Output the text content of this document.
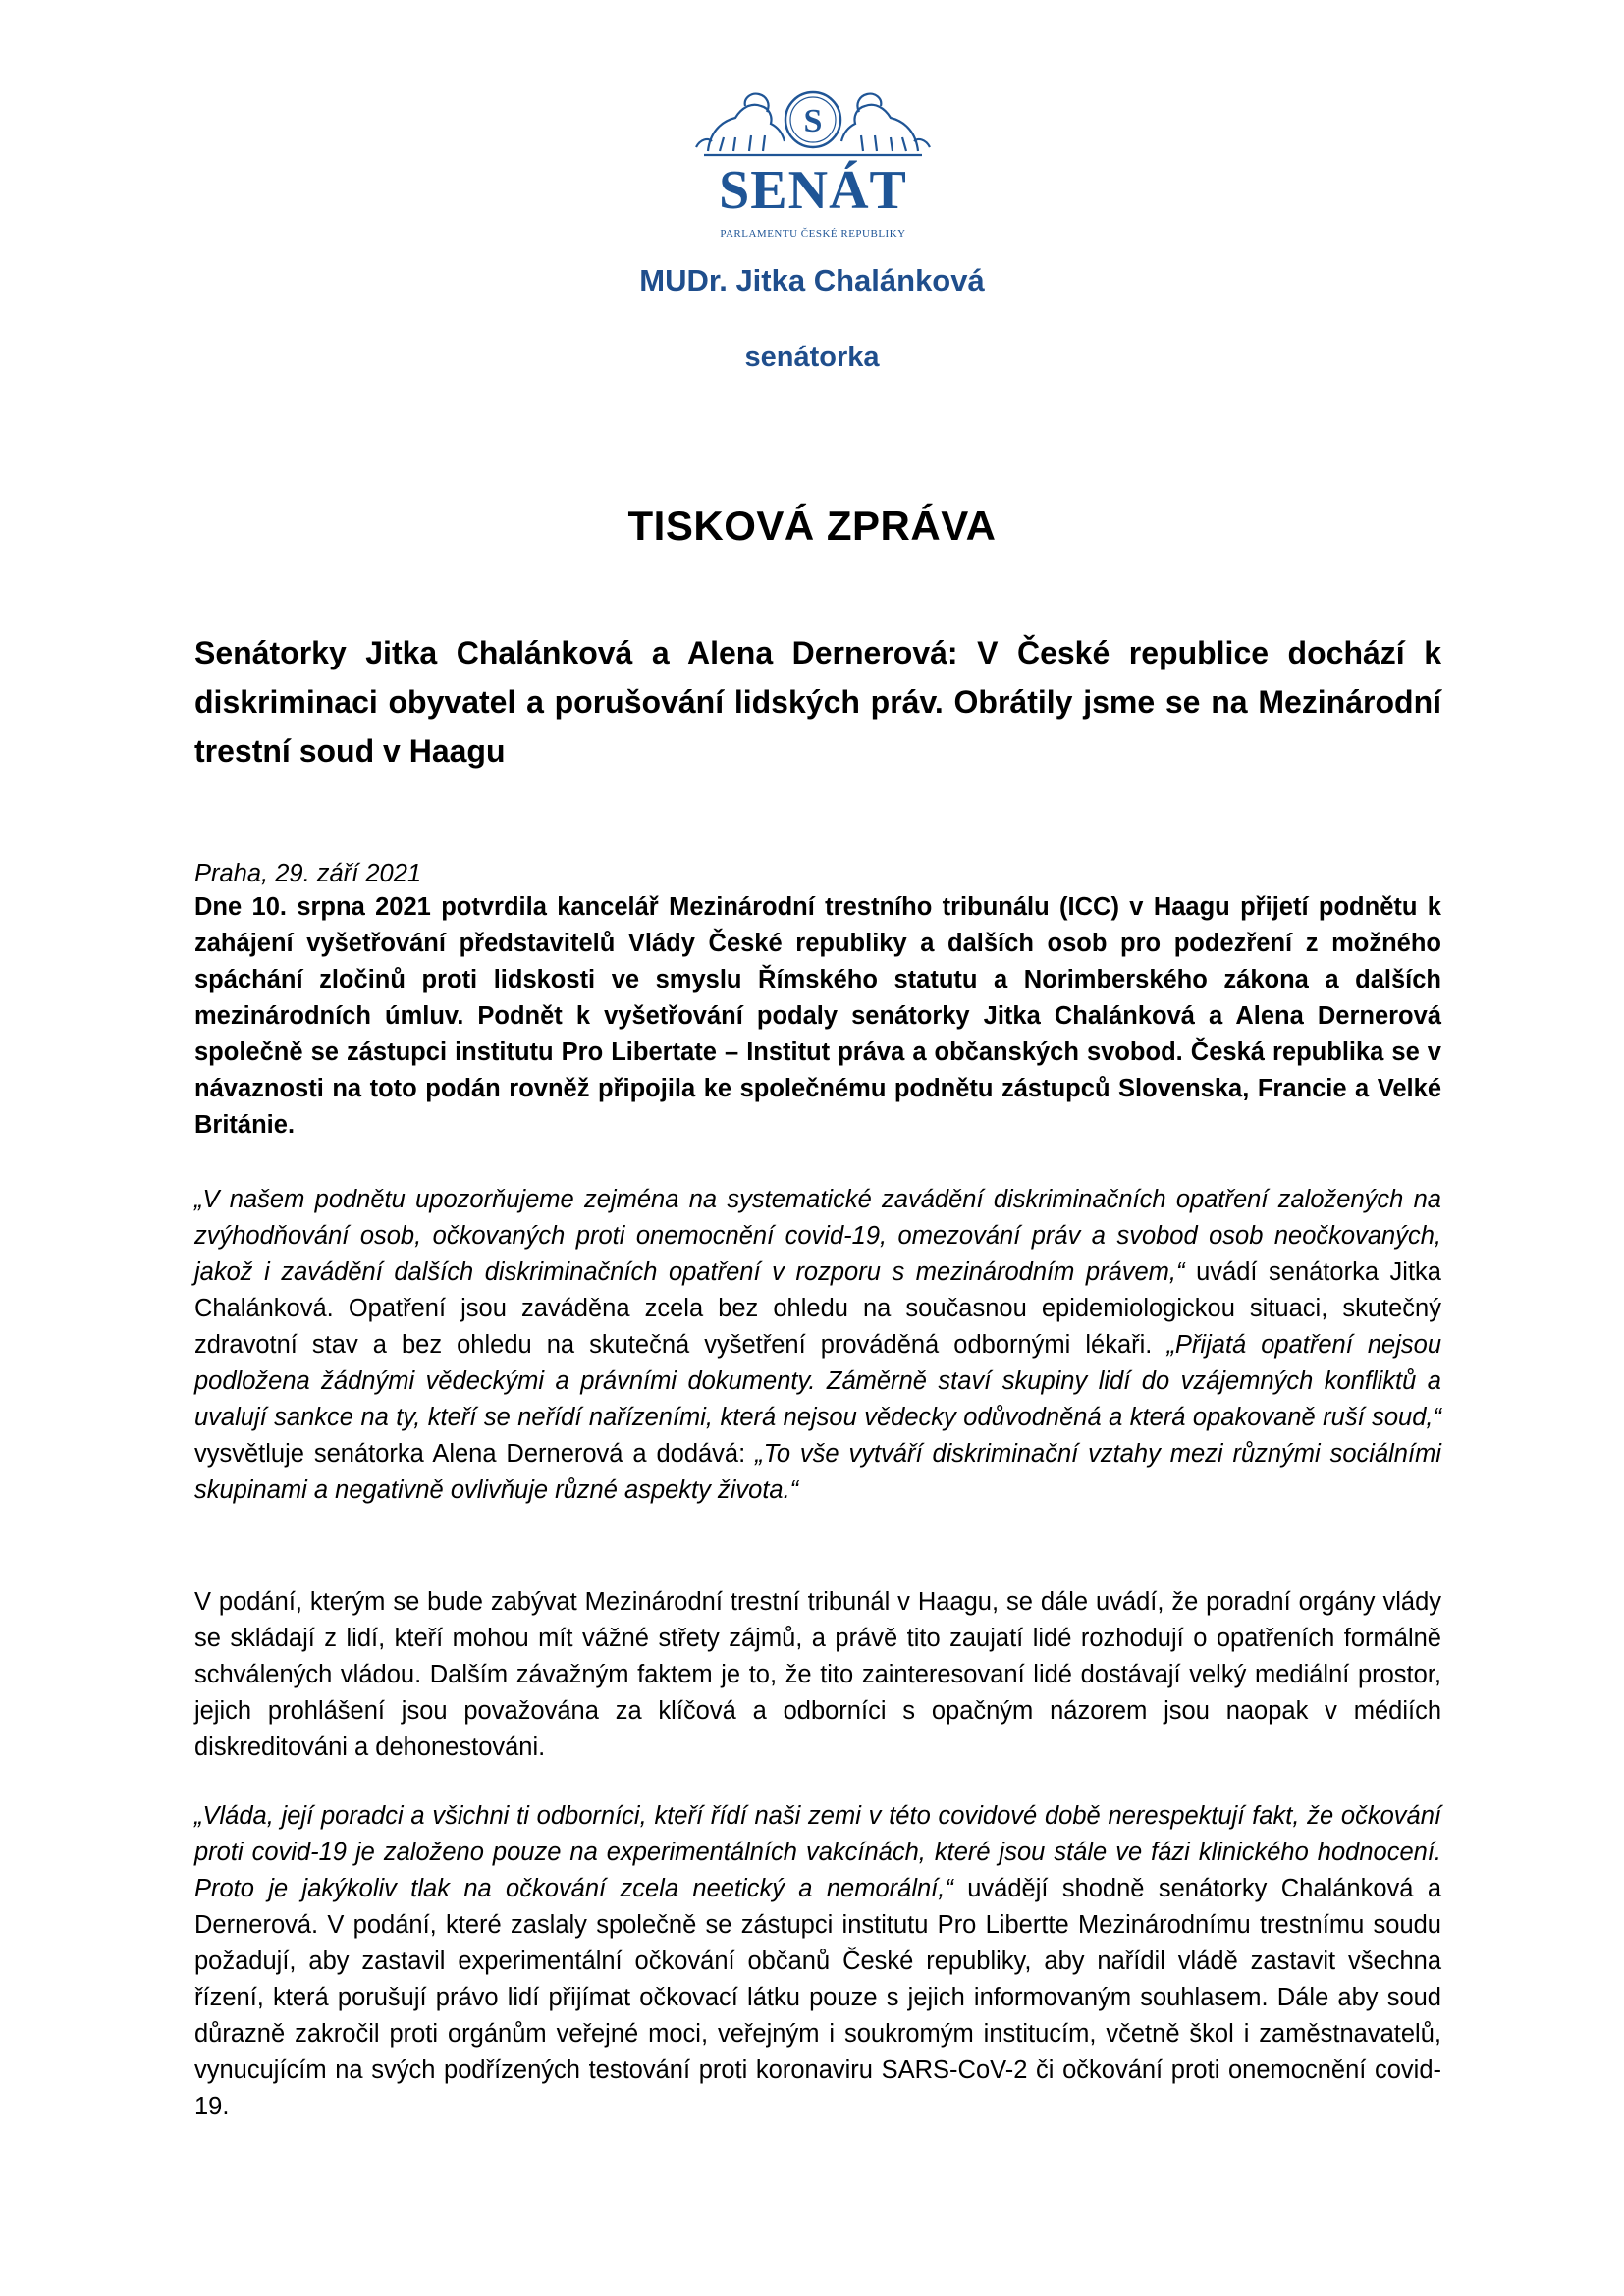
S
SENÁT
PARLAMENTU ČESKÉ REPUBLIKY
MUDr. Jitka Chalánková
senátorka
TISKOVÁ ZPRÁVA
Senátorky Jitka Chalánková a Alena Dernerová: V České republice dochází k diskriminaci obyvatel a porušování lidských práv. Obrátily jsme se na Mezinárodní trestní soud v Haagu
Praha, 29. září 2021
Dne 10. srpna 2021 potvrdila kancelář Mezinárodní trestního tribunálu (ICC) v Haagu přijetí podnětu k zahájení vyšetřování představitelů Vlády České republiky a dalších osob pro podezření z možného spáchání zločinů proti lidskosti ve smyslu Římského statutu a Norimberského zákona a dalších mezinárodních úmluv. Podnět k vyšetřování podaly senátorky Jitka Chalánková a Alena Dernerová společně se zástupci institutu Pro Libertate – Institut práva a občanských svobod. Česká republika se v návaznosti na toto podán rovněž připojila ke společnému podnětu zástupců Slovenska, Francie a Velké Británie.
„V našem podnětu upozorňujeme zejména na systematické zavádění diskriminačních opatření založených na zvýhodňování osob, očkovaných proti onemocnění covid-19, omezování práv a svobod osob neočkovaných, jakož i zavádění dalších diskriminačních opatření v rozporu s mezinárodním právem,“ uvádí senátorka Jitka Chalánková. Opatření jsou zaváděna zcela bez ohledu na současnou epidemiologickou situaci, skutečný zdravotní stav a bez ohledu na skutečná vyšetření prováděná odbornými lékaři. „Přijatá opatření nejsou podložena žádnými vědeckými a právními dokumenty. Záměrně staví skupiny lidí do vzájemných konfliktů a uvalují sankce na ty, kteří se neřídí nařízeními, která nejsou vědecky odůvodněná a která opakovaně ruší soud,“ vysvětluje senátorka Alena Dernerová a dodává: „To vše vytváří diskriminační vztahy mezi různými sociálními skupinami a negativně ovlivňuje různé aspekty života.“
V podání, kterým se bude zabývat Mezinárodní trestní tribunál v Haagu, se dále uvádí, že poradní orgány vlády se skládají z lidí, kteří mohou mít vážné střety zájmů, a právě tito zaujatí lidé rozhodují o opatřeních formálně schválených vládou. Dalším závažným faktem je to, že tito zainteresovaní lidé dostávají velký mediální prostor, jejich prohlášení jsou považována za klíčová a odborníci s opačným názorem jsou naopak v médiích diskreditováni a dehonestováni.
„Vláda, její poradci a všichni ti odborníci, kteří řídí naši zemi v této covidové době nerespektují fakt, že očkování proti covid-19 je založeno pouze na experimentálních vakcínách, které jsou stále ve fázi klinického hodnocení. Proto je jakýkoliv tlak na očkování zcela neetický a nemorální,“ uvádějí shodně senátorky Chalánková a Dernerová. V podání, které zaslaly společně se zástupci institutu Pro Libertte Mezinárodnímu trestnímu soudu požadují, aby zastavil experimentální očkování občanů České republiky, aby nařídil vládě zastavit všechna řízení, která porušují právo lidí přijímat očkovací látku pouze s jejich informovaným souhlasem. Dále aby soud důrazně zakročil proti orgánům veřejné moci, veřejným i soukromým institucím, včetně škol i zaměstnavatelů, vynucujícím na svých podřízených testování proti koronaviru SARS-CoV-2 či očkování proti onemocnění covid-19.
